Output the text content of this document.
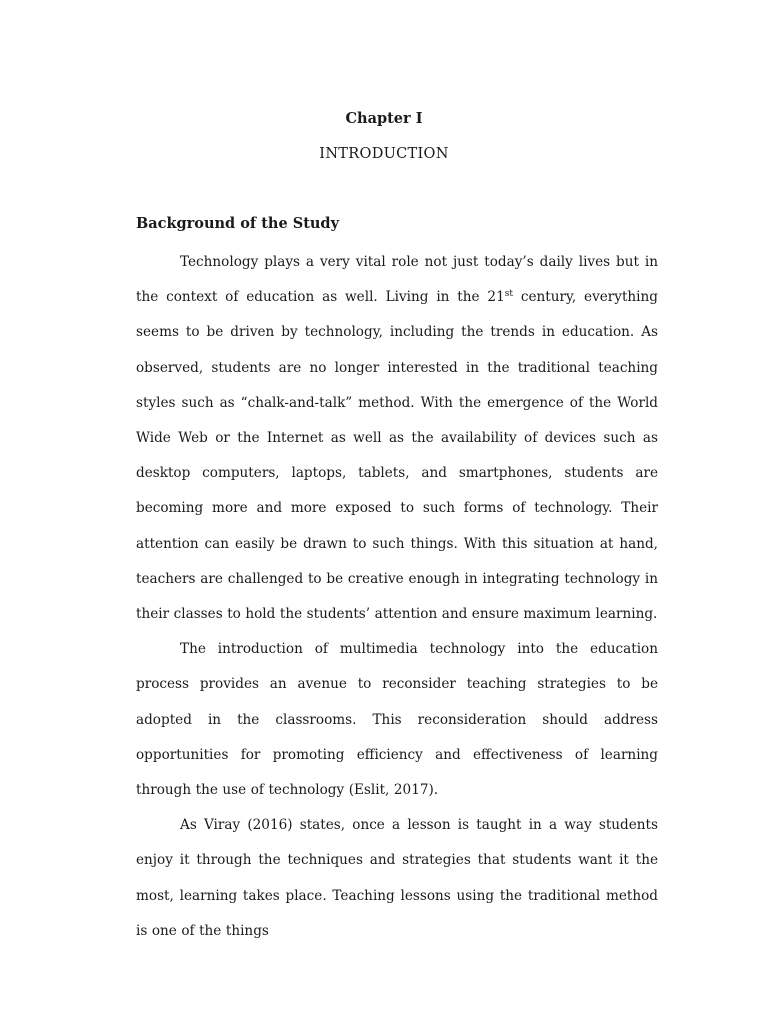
Chapter I
INTRODUCTION
Background of the Study

Technology plays a very vital role not just today’s daily lives but in the context of education as well. Living in the 21st century, everything seems to be driven by technology, including the trends in education. As observed, students are no longer interested in the traditional teaching styles such as “chalk-and-talk” method. With the emergence of the World Wide Web or the Internet as well as the availability of devices such as desktop computers, laptops, tablets, and smartphones, students are becoming more and more exposed to such forms of technology. Their attention can easily be drawn to such things. With this situation at hand, teachers are challenged to be creative enough in integrating technology in their classes to hold the students’ attention and ensure maximum learning.

The introduction of multimedia technology into the education process provides an avenue to reconsider teaching strategies to be adopted in the classrooms. This reconsideration should address opportunities for promoting efficiency and effectiveness of learning through the use of technology (Eslit, 2017).

As Viray (2016) states, once a lesson is taught in a way students enjoy it through the techniques and strategies that students want it the most, learning takes place. Teaching lessons using the traditional method is one of the things
